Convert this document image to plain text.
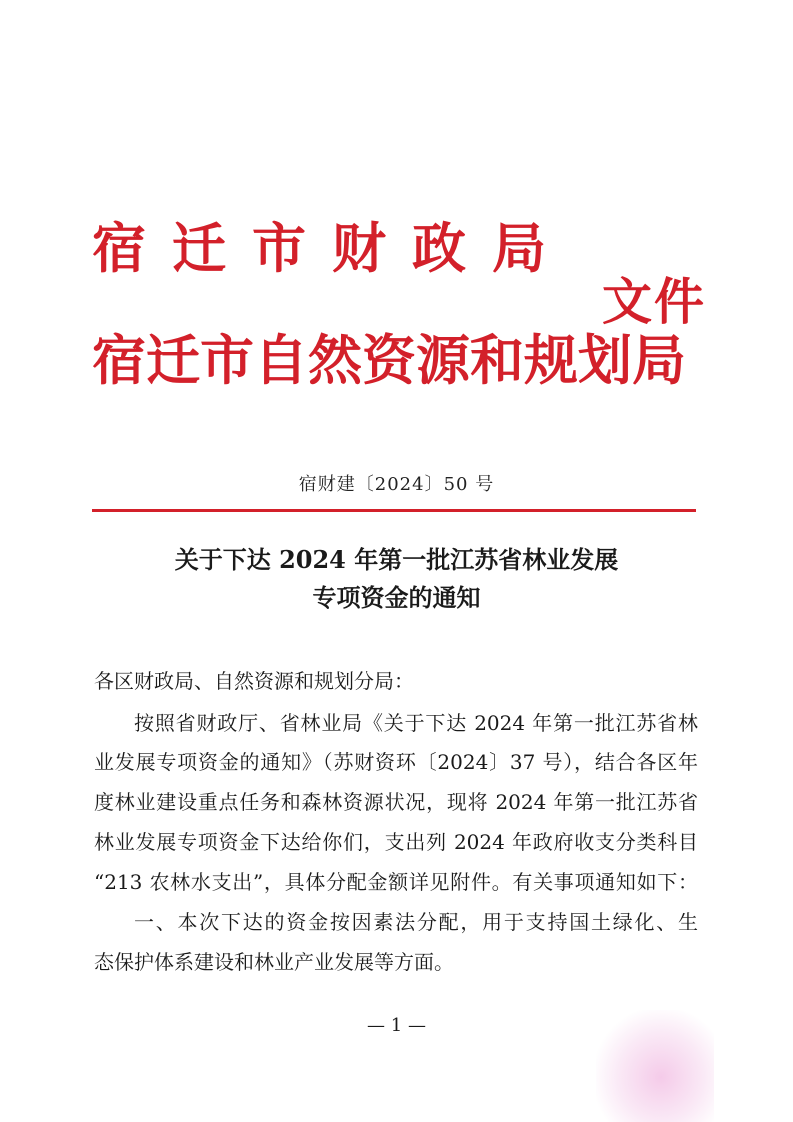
宿迁市财政局
宿迁市自然资源和规划局
文件
宿财建〔2024〕50 号
关于下达 2024 年第一批江苏省林业发展
专项资金的通知
各区财政局、自然资源和规划分局：
按照省财政厅、省林业局《关于下达 2024 年第一批江苏省林
业发展专项资金的通知》（苏财资环〔2024〕37 号），结合各区年
度林业建设重点任务和森林资源状况，现将 2024 年第一批江苏省
林业发展专项资金下达给你们，支出列 2024 年政府收支分类科目
“213 农林水支出”，具体分配金额详见附件。有关事项通知如下：
一、本次下达的资金按因素法分配，用于支持国土绿化、生
态保护体系建设和林业产业发展等方面。
— 1 —
